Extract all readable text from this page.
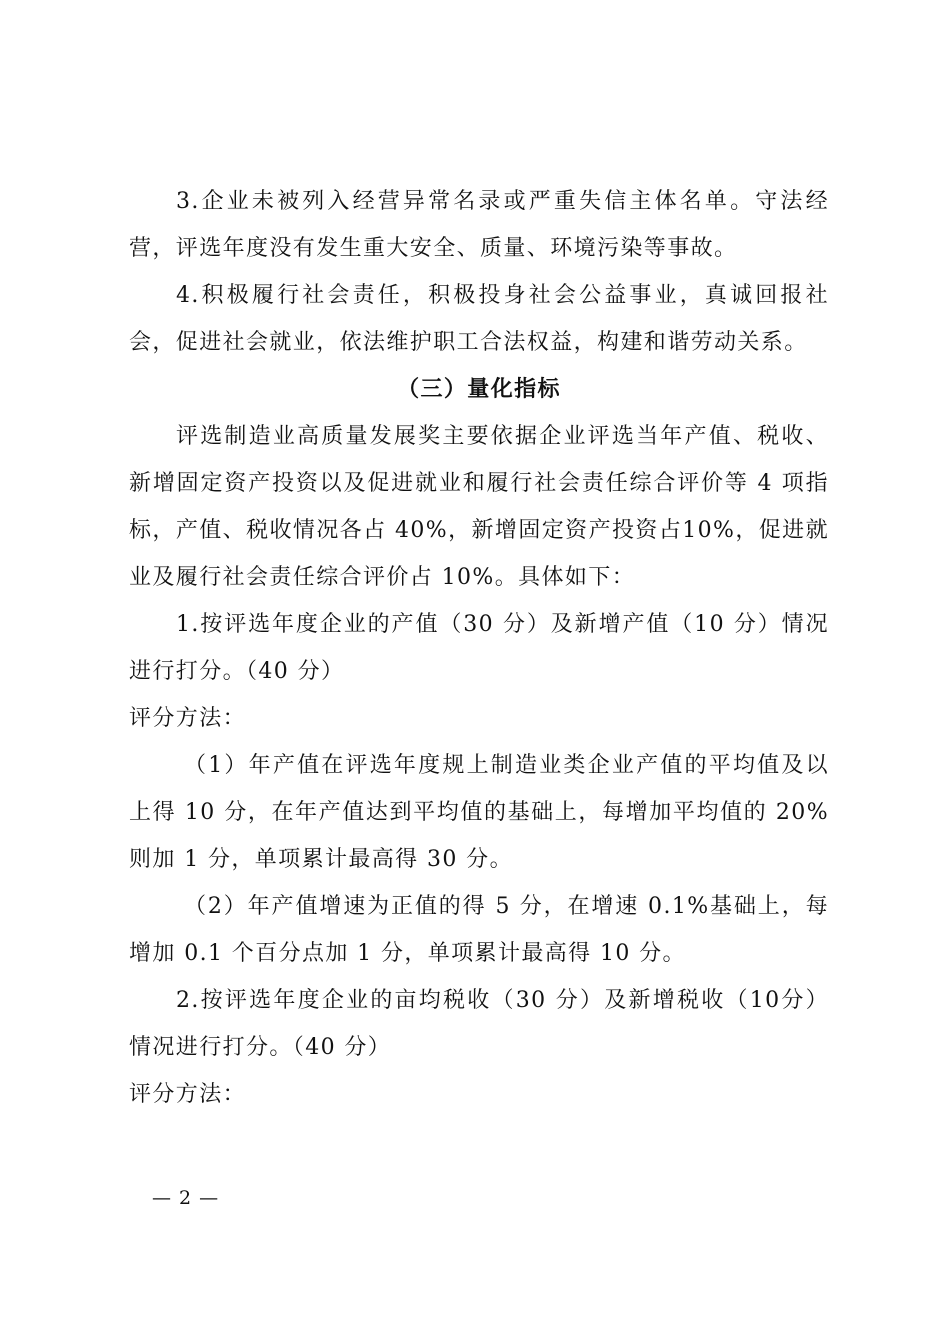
3.企业未被列入经营异常名录或严重失信主体名单。守法经营，评选年度没有发生重大安全、质量、环境污染等事故。

4.积极履行社会责任，积极投身社会公益事业，真诚回报社会，促进社会就业，依法维护职工合法权益，构建和谐劳动关系。

（三）量化指标

评选制造业高质量发展奖主要依据企业评选当年产值、税收、新增固定资产投资以及促进就业和履行社会责任综合评价等 4 项指标，产值、税收情况各占 40%，新增固定资产投资占10%，促进就业及履行社会责任综合评价占 10%。具体如下：

1.按评选年度企业的产值（30 分）及新增产值（10 分）情况进行打分。（40 分）

评分方法：

（1）年产值在评选年度规上制造业类企业产值的平均值及以上得 10 分，在年产值达到平均值的基础上，每增加平均值的 20%则加 1 分，单项累计最高得 30 分。

（2）年产值增速为正值的得 5 分，在增速 0.1%基础上，每增加 0.1 个百分点加 1 分，单项累计最高得 10 分。

2.按评选年度企业的亩均税收（30 分）及新增税收（10分）情况进行打分。（40 分）

评分方法：

— 2 —
